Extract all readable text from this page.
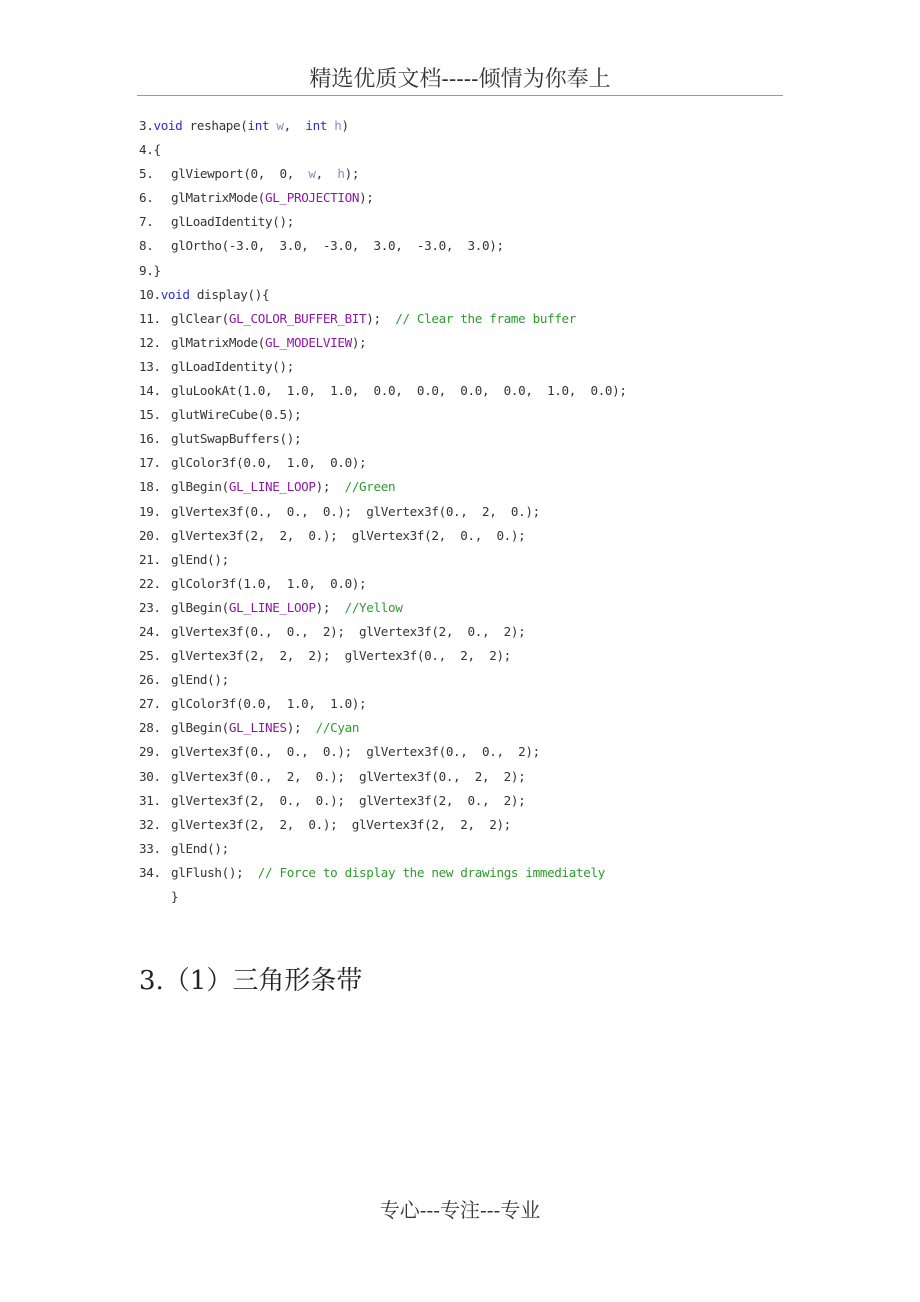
精选优质文档-----倾情为你奉上
3.void reshape(int w,  int h)
4.{
5. glViewport(0,  0,  w,  h);
6. glMatrixMode(GL_PROJECTION);
7. glLoadIdentity();
8. glOrtho(-3.0,  3.0,  -3.0,  3.0,  -3.0,  3.0);
9.}
10.void display(){
11. glClear(GL_COLOR_BUFFER_BIT);  // Clear the frame buffer
12. glMatrixMode(GL_MODELVIEW);
13. glLoadIdentity();
14. gluLookAt(1.0,  1.0,  1.0,  0.0,  0.0,  0.0,  0.0,  1.0,  0.0);
15. glutWireCube(0.5);
16. glutSwapBuffers();
17. glColor3f(0.0,  1.0,  0.0);
18. glBegin(GL_LINE_LOOP);  //Green
19. glVertex3f(0.,  0.,  0.);  glVertex3f(0.,  2,  0.);
20. glVertex3f(2,  2,  0.);  glVertex3f(2,  0.,  0.);
21. glEnd();
22. glColor3f(1.0,  1.0,  0.0);
23. glBegin(GL_LINE_LOOP);  //Yellow
24. glVertex3f(0.,  0.,  2);  glVertex3f(2,  0.,  2);
25. glVertex3f(2,  2,  2);  glVertex3f(0.,  2,  2);
26. glEnd();
27. glColor3f(0.0,  1.0,  1.0);
28. glBegin(GL_LINES);  //Cyan
29. glVertex3f(0.,  0.,  0.);  glVertex3f(0.,  0.,  2);
30. glVertex3f(0.,  2,  0.);  glVertex3f(0.,  2,  2);
31. glVertex3f(2,  0.,  0.);  glVertex3f(2,  0.,  2);
32. glVertex3f(2,  2,  0.);  glVertex3f(2,  2,  2);
33. glEnd();
34. glFlush();  // Force to display the new drawings immediately
}
3.（1）三角形条带
专心---专注---专业
